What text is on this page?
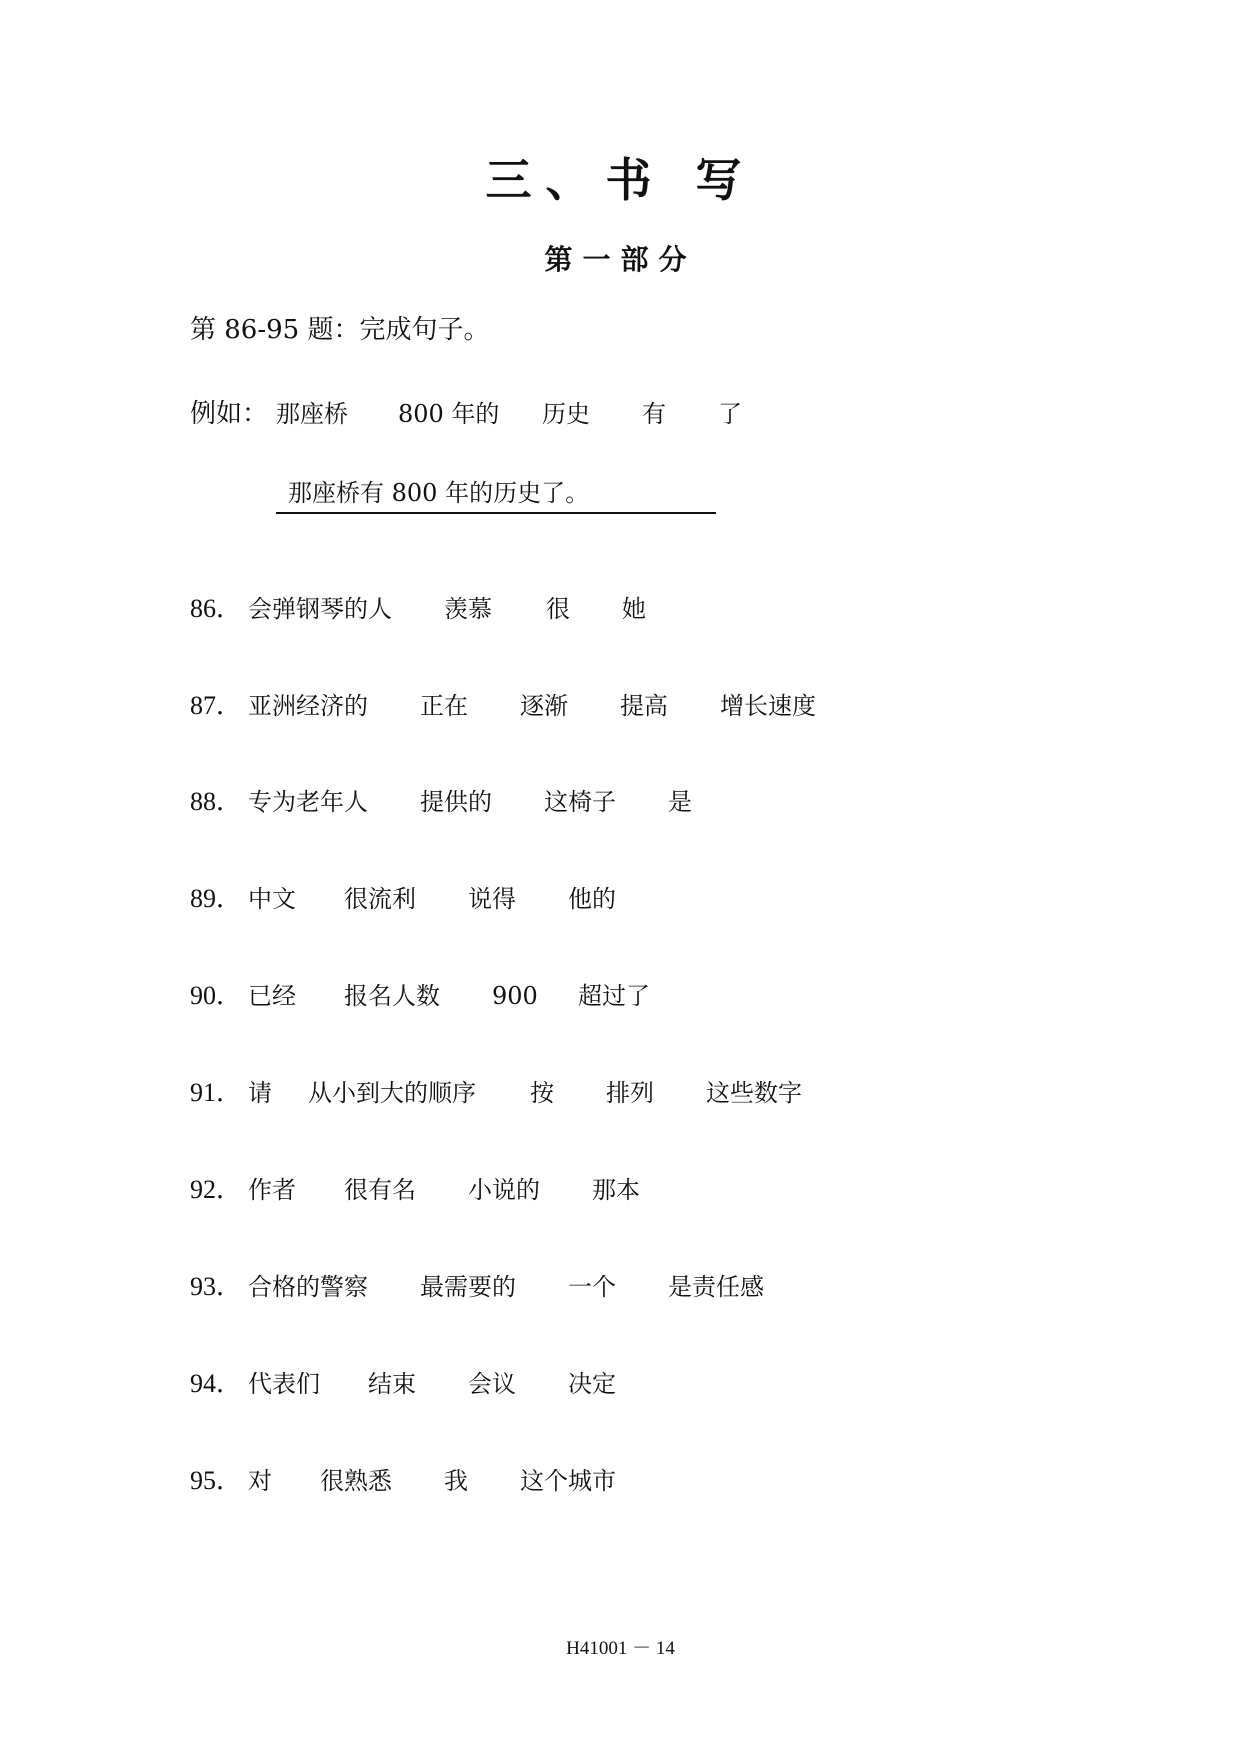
三、书 写
第一部分
第 86-95 题：完成句子。
例如： 那座桥 800 年的 历史 有 了
那座桥有 800 年的历史了。
86． 会弹钢琴的人 羡慕 很 她
87． 亚洲经济的 正在 逐渐 提高 增长速度
88． 专为老年人 提供的 这椅子 是
89． 中文 很流利 说得 他的
90． 已经 报名人数 900 超过了
91． 请 从小到大的顺序 按 排列 这些数字
92． 作者 很有名 小说的 那本
93． 合格的警察 最需要的 一个 是责任感
94． 代表们 结束 会议 决定
95． 对 很熟悉 我 这个城市
H41001 － 14
